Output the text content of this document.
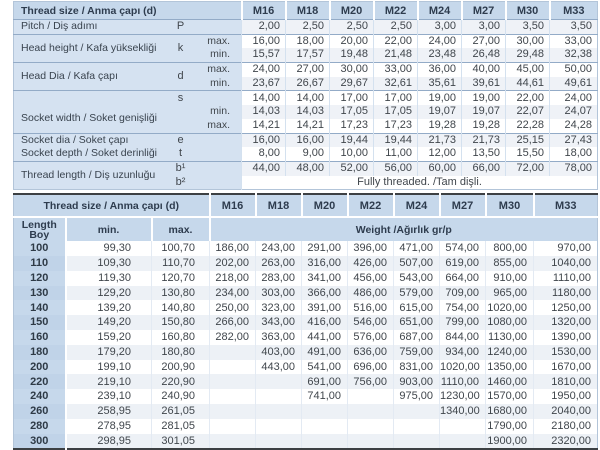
Thread size / Anma çapı (d)			M16	M18	M20	M22	M24	M27	M30	M33
Pitch / Diş adımı	P		2,00	2,50	2,50	2,50	3,00	3,00	3,50	3,50
Head height / Kafa yüksekliği	k	max.	16,00	18,00	20,00	22,00	24,00	27,00	30,00	33,00
		min.	15,57	17,57	19,48	21,48	23,48	26,48	29,48	32,38
Head Dia / Kafa çapı	d	max.	24,00	27,00	30,00	33,00	36,00	40,00	45,00	50,00
		min.	23,67	26,67	29,67	32,61	35,61	39,61	44,61	49,61
	s		14,00	14,00	17,00	17,00	19,00	19,00	22,00	24,00
Socket width / Soket genişliği		min.	14,03	14,03	17,05	17,05	19,07	19,07	22,07	24,07
		max.	14,21	14,21	17,23	17,23	19,28	19,28	22,28	24,28
Socket dia / Soket çapı	e		16,00	16,00	19,44	19,44	21,73	21,73	25,15	27,43
Socket depth / Soket derinliği	t		8,00	9,00	10,00	11,00	12,00	13,50	15,50	18,00
Thread length / Diş uzunluğu	b¹		44,00	48,00	52,00	56,00	60,00	66,00	72,00	78,00
	b²		Fully threaded. /Tam dişli.							
Thread size / Anma çapı (d)			M16	M18	M20	M22	M24	M27	M30	M33

Length
Boy	min.	max.	Weight /Ağırlık gr/p							
100	99,30	100,70	186,00	243,00	291,00	396,00	471,00	574,00	800,00	970,00
110	109,30	110,70	202,00	263,00	316,00	426,00	507,00	619,00	855,00	1040,00
120	119,30	120,70	218,00	283,00	341,00	456,00	543,00	664,00	910,00	1110,00
130	129,20	130,80	234,00	303,00	366,00	486,00	579,00	709,00	965,00	1180,00
140	139,20	140,80	250,00	323,00	391,00	516,00	615,00	754,00	1020,00	1250,00
150	149,20	150,80	266,00	343,00	416,00	546,00	651,00	799,00	1080,00	1320,00
160	159,20	160,80	282,00	363,00	441,00	576,00	687,00	844,00	1130,00	1390,00
180	179,20	180,80		403,00	491,00	636,00	759,00	934,00	1240,00	1530,00
200	199,10	200,90		443,00	541,00	696,00	831,00	1020,00	1350,00	1670,00
220	219,10	220,90			691,00	756,00	903,00	1110,00	1460,00	1810,00
240	239,10	240,90			741,00		975,00	1230,00	1570,00	1950,00
260	258,95	261,05						1340,00	1680,00	2040,00
280	278,95	281,05							1790,00	2180,00
300	298,95	301,05							1900,00	2320,00
